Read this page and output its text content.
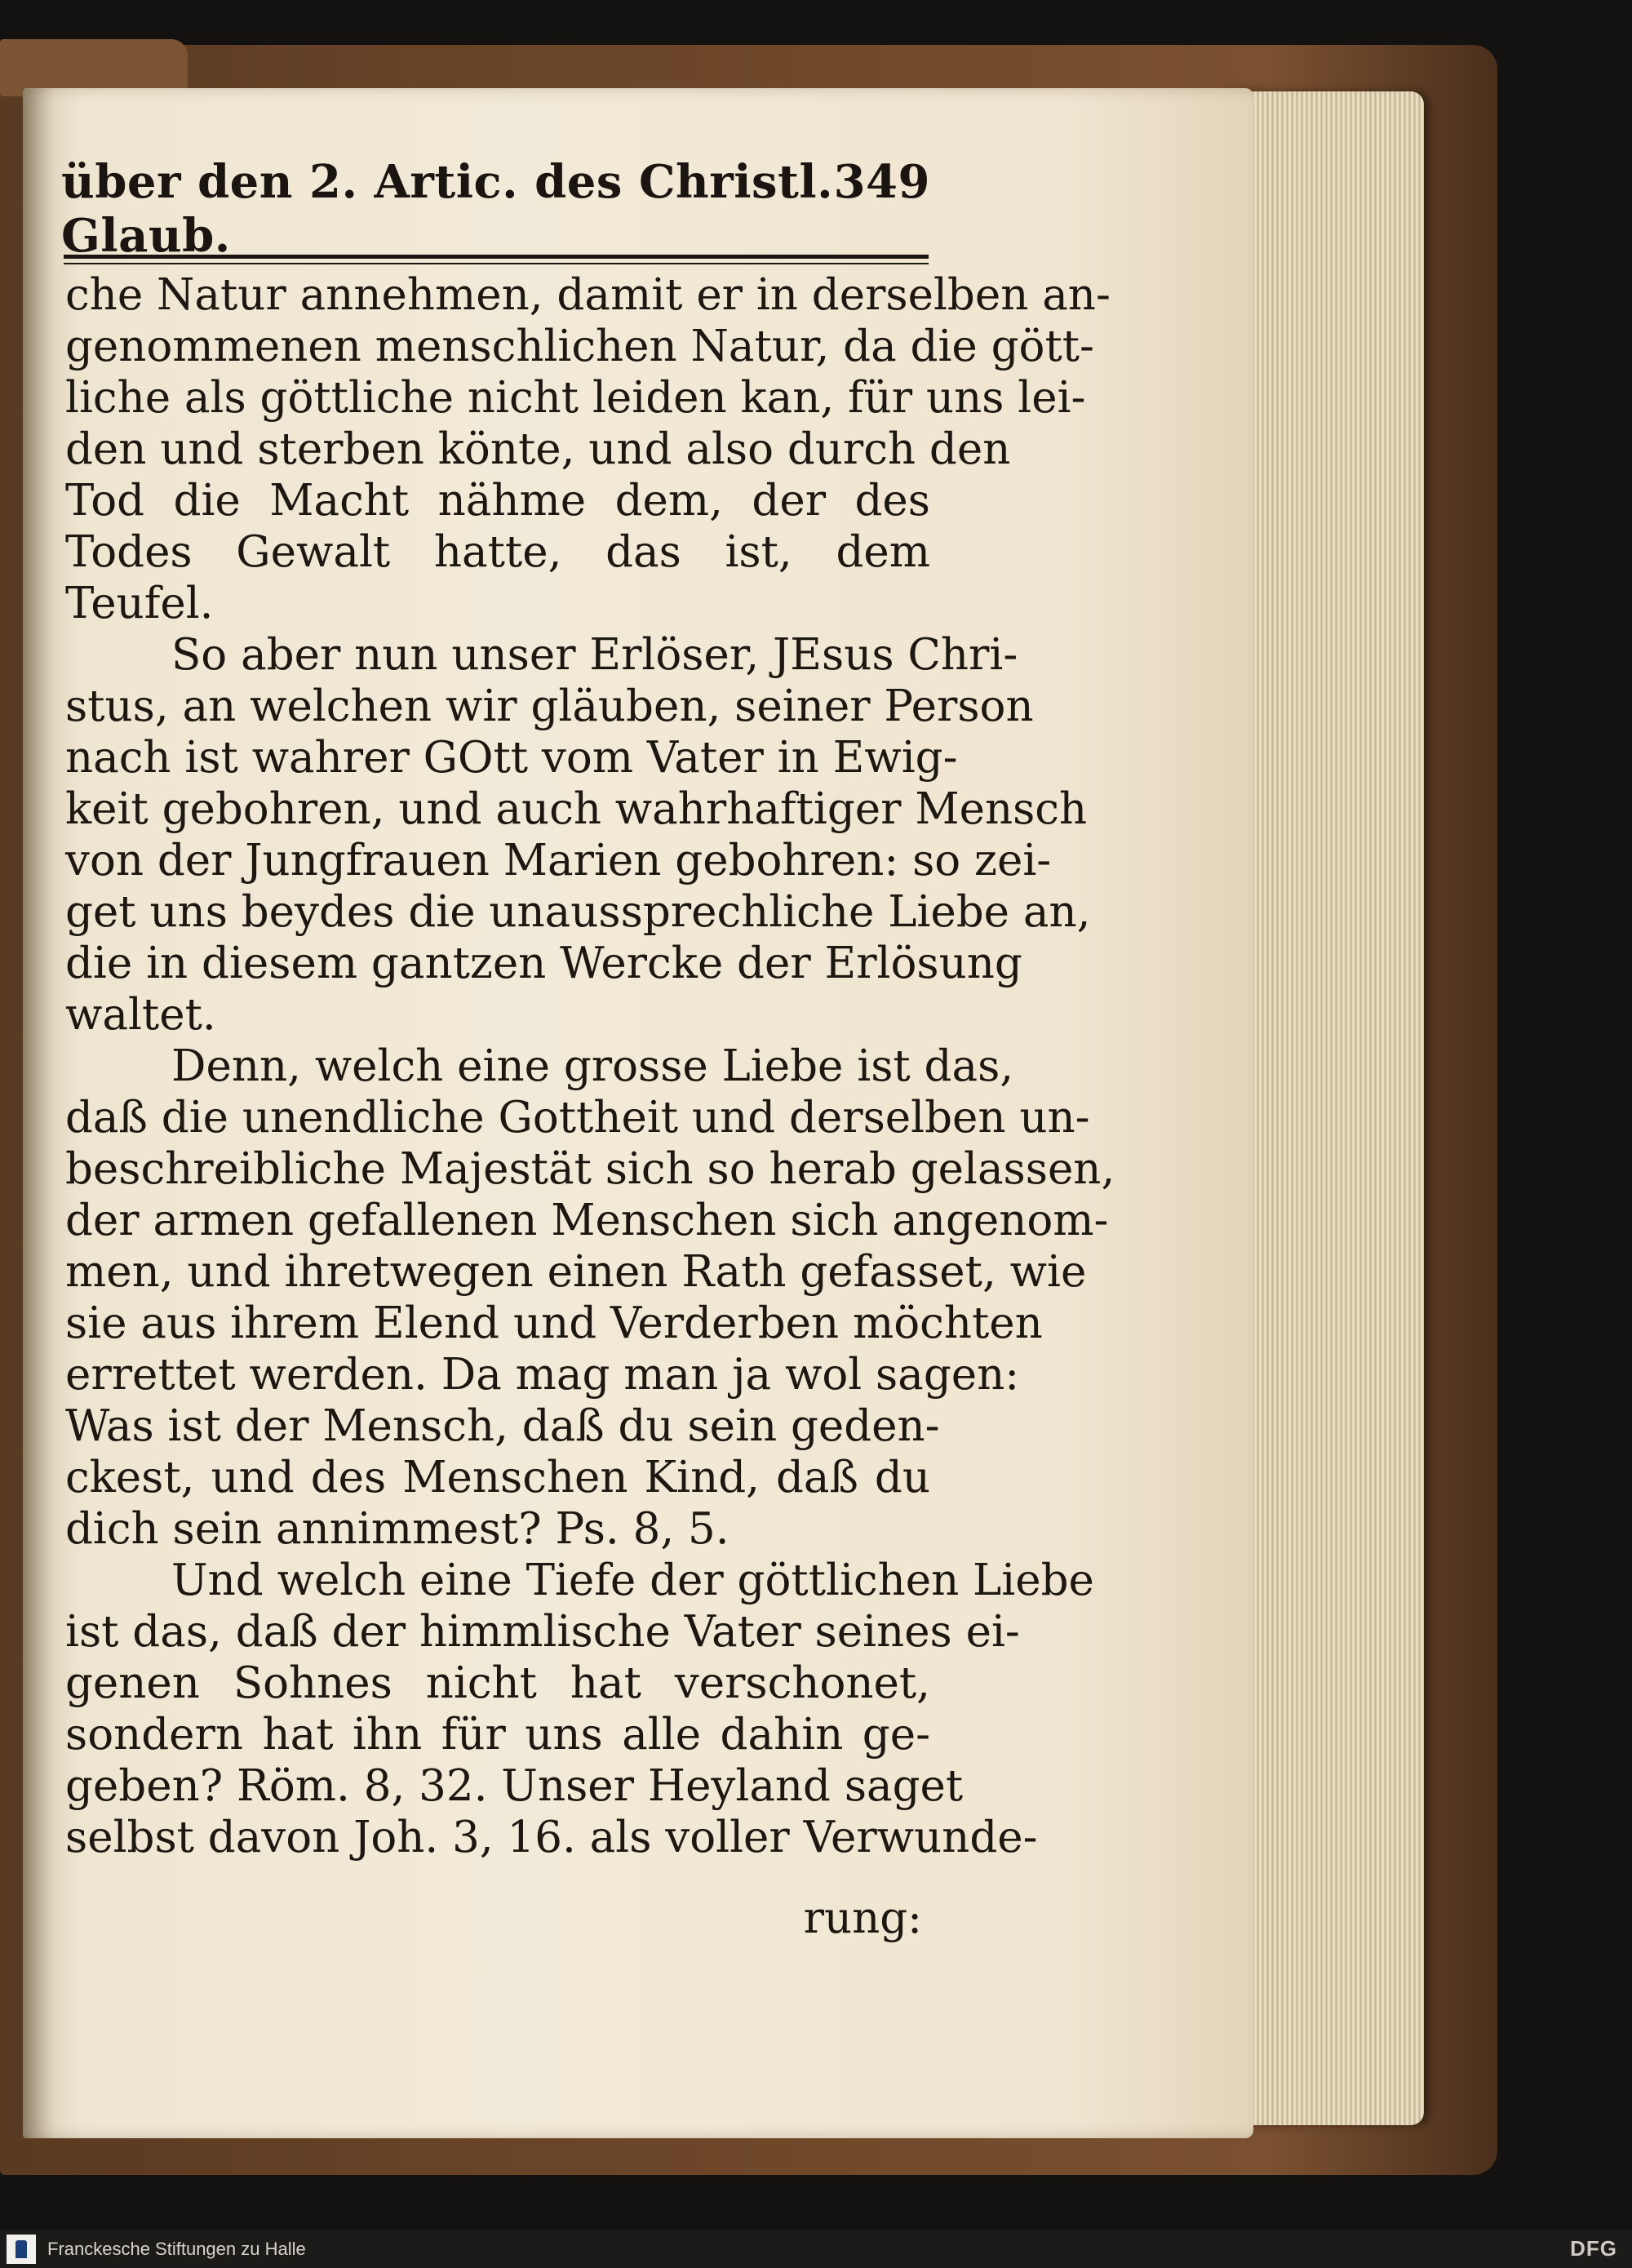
über den 2. Artic. des Christl. Glaub.
349
che Natur annehmen, damit er in derselben an-
genommenen menschlichen Natur, da die gött-
liche als göttliche nicht leiden kan, für uns lei-
den und sterben könte, und also durch den
Tod die Macht nähme dem, der des
Todes Gewalt hatte, das ist, dem
Teufel.
So aber nun unser Erlöser, JEsus Chri-
stus, an welchen wir gläuben, seiner Person
nach ist wahrer GOtt vom Vater in Ewig-
keit gebohren, und auch wahrhaftiger Mensch
von der Jungfrauen Marien gebohren: so zei-
get uns beydes die unaussprechliche Liebe an,
die in diesem gantzen Wercke der Erlösung
waltet.
Denn, welch eine grosse Liebe ist das,
daß die unendliche Gottheit und derselben un-
beschreibliche Majestät sich so herab gelassen,
der armen gefallenen Menschen sich angenom-
men, und ihretwegen einen Rath gefasset, wie
sie aus ihrem Elend und Verderben möchten
errettet werden. Da mag man ja wol sagen:
Was ist der Mensch, daß du sein geden-
ckest, und des Menschen Kind, daß du
dich sein annimmest? Ps. 8, 5.
Und welch eine Tiefe der göttlichen Liebe
ist das, daß der himmlische Vater seines ei-
genen Sohnes nicht hat verschonet,
sondern hat ihn für uns alle dahin ge-
geben? Röm. 8, 32. Unser Heyland saget
selbst davon Joh. 3, 16. als voller Verwunde-
rung:
Franckesche Stiftungen zu Halle	DFG
